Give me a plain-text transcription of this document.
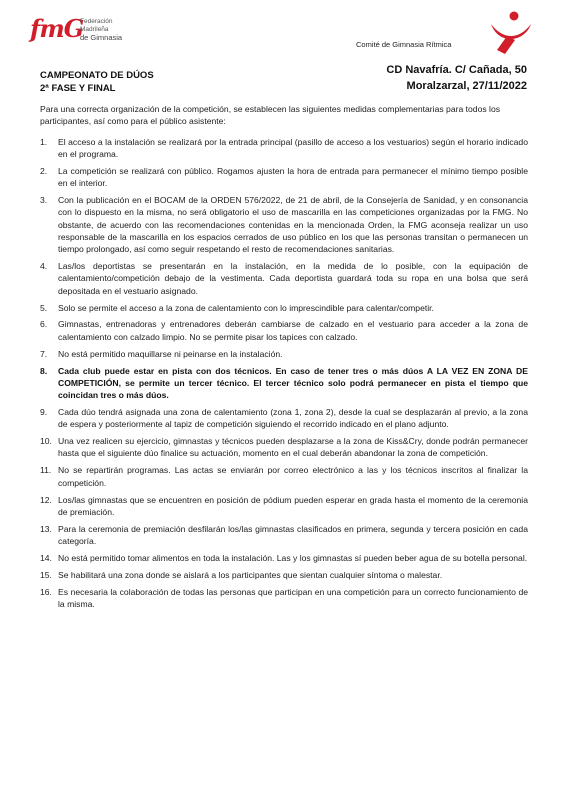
fmG
Federación Madrileña
de Gimnasia
Comité de Gimnasia Rítmica
CAMPEONATO DE DÚOS
2ª FASE Y FINAL
CD Navafría. C/ Cañada, 50
Moralzarzal, 27/11/2022

Para una correcta organización de la competición, se establecen las siguientes medidas complementarias para todos los participantes, así como para el público asistente:

1. El acceso a la instalación se realizará por la entrada principal (pasillo de acceso a los vestuarios) según el horario indicado en el programa.
2. La competición se realizará con público. Rogamos ajusten la hora de entrada para permanecer el mínimo tiempo posible en el interior.
3. Con la publicación en el BOCAM de la ORDEN 576/2022, de 21 de abril, de la Consejería de Sanidad, y en consonancia con lo dispuesto en la misma, no será obligatorio el uso de mascarilla en las competiciones organizadas por la FMG. No obstante, de acuerdo con las recomendaciones contenidas en la mencionada Orden, la FMG aconseja realizar un uso responsable de la mascarilla en los espacios cerrados de uso público en los que las personas transitan o permanecen un tiempo prolongado, así como seguir respetando el resto de recomendaciones sanitarias.
4. Las/los deportistas se presentarán en la instalación, en la medida de lo posible, con la equipación de calentamiento/competición debajo de la vestimenta. Cada deportista guardará toda su ropa en una bolsa que será depositada en el vestuario asignado.
5. Solo se permite el acceso a la zona de calentamiento con lo imprescindible para calentar/competir.
6. Gimnastas, entrenadoras y entrenadores deberán cambiarse de calzado en el vestuario para acceder a la zona de calentamiento con calzado limpio. No se permite pisar los tapices con calzado.
7. No está permitido maquillarse ni peinarse en la instalación.
8. Cada club puede estar en pista con dos técnicos. En caso de tener tres o más dúos A LA VEZ EN ZONA DE COMPETICIÓN, se permite un tercer técnico. El tercer técnico solo podrá permanecer en pista el tiempo que coincidan tres o más dúos.
9. Cada dúo tendrá asignada una zona de calentamiento (zona 1, zona 2), desde la cual se desplazarán al previo, a la zona de espera y posteriormente al tapiz de competición siguiendo el recorrido indicado en el plano adjunto.
10. Una vez realicen su ejercicio, gimnastas y técnicos pueden desplazarse a la zona de Kiss&Cry, donde podrán permanecer hasta que el siguiente dúo finalice su actuación, momento en el cual deberán abandonar la zona de competición.
11. No se repartirán programas. Las actas se enviarán por correo electrónico a las y los técnicos inscritos al finalizar la competición.
12. Los/las gimnastas que se encuentren en posición de pódium pueden esperar en grada hasta el momento de la ceremonia de premiación.
13. Para la ceremonia de premiación desfilarán los/las gimnastas clasificados en primera, segunda y tercera posición en cada categoría.
14. No está permitido tomar alimentos en toda la instalación. Las y los gimnastas sí pueden beber agua de su botella personal.
15. Se habilitará una zona donde se aislará a los participantes que sientan cualquier síntoma o malestar.
16. Es necesaria la colaboración de todas las personas que participan en una competición para un correcto funcionamiento de la misma.
